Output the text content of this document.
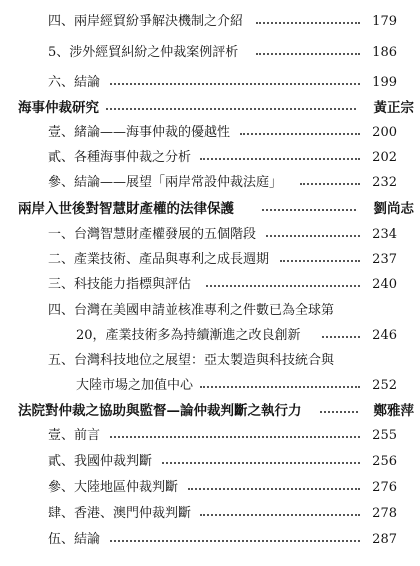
四、兩岸經貿紛爭解決機制之介紹	179
5、涉外經貿糾紛之仲裁案例評析	186
六、結論	199
海事仲裁研究	黃正宗
壹、緒論——海事仲裁的優越性	200
貳、各種海事仲裁之分析	202
參、結論——展望「兩岸常設仲裁法庭」	232
兩岸入世後對智慧財產權的法律保護	劉尚志
一、台灣智慧財產權發展的五個階段	234
二、產業技術、產品與專利之成長週期	237
三、科技能力指標與評估	240
四、台灣在美國申請並核准專利之件數已為全球第
20，產業技術多為持續漸進之改良創新	246
五、台灣科技地位之展望：亞太製造與科技統合與
大陸市場之加值中心	252
法院對仲裁之協助與監督—論仲裁判斷之執行力	鄭雅萍
壹、前言	255
貳、我國仲裁判斷	256
參、大陸地區仲裁判斷	276
肆、香港、澳門仲裁判斷	278
伍、結論	287
